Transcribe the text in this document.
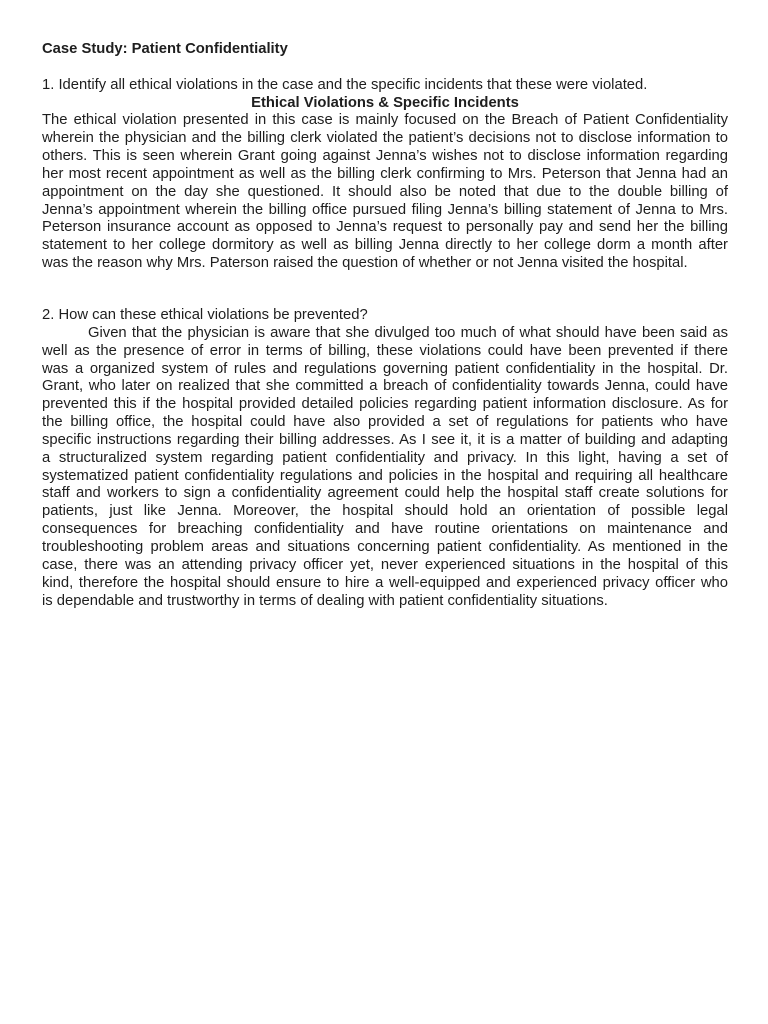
Case Study: Patient Confidentiality
1. Identify all ethical violations in the case and the specific incidents that these were violated.
Ethical Violations & Specific Incidents
The ethical violation presented in this case is mainly focused on the Breach of Patient Confidentiality
wherein the physician and the billing clerk violated the patient’s decisions not to disclose information to
others. This is seen wherein Grant going against Jenna’s wishes not to disclose information regarding
her most recent appointment as well as the billing clerk confirming to Mrs. Peterson that Jenna had an
appointment on the day she questioned. It should also be noted that due to the double billing of
Jenna’s appointment wherein the billing office pursued filing Jenna’s billing statement of Jenna to Mrs.
Peterson insurance account as opposed to Jenna’s request to personally pay and send her the billing
statement to her college dormitory as well as billing Jenna directly to her college dorm a month after
was the reason why Mrs. Paterson raised the question of whether or not Jenna visited the hospital.
2. How can these ethical violations be prevented?
Given that the physician is aware that she divulged too much of what should have been said as
well as the presence of error in terms of billing, these violations could have been prevented if there
was a organized system of rules and regulations governing patient confidentiality in the hospital. Dr.
Grant, who later on realized that she committed a breach of confidentiality towards Jenna, could have
prevented this if the hospital provided detailed policies regarding patient information disclosure. As for
the billing office, the hospital could have also provided a set of regulations for patients who have
specific instructions regarding their billing addresses. As I see it, it is a matter of building and adapting
a structuralized system regarding patient confidentiality and privacy. In this light, having a set of
systematized patient confidentiality regulations and policies in the hospital and requiring all healthcare
staff and workers to sign a confidentiality agreement could help the hospital staff create solutions for
patients, just like Jenna. Moreover, the hospital should hold an orientation of possible legal
consequences for breaching confidentiality and have routine orientations on maintenance and
troubleshooting problem areas and situations concerning patient confidentiality. As mentioned in the
case, there was an attending privacy officer yet, never experienced situations in the hospital of this
kind, therefore the hospital should ensure to hire a well-equipped and experienced privacy officer who
is dependable and trustworthy in terms of dealing with patient confidentiality situations.
